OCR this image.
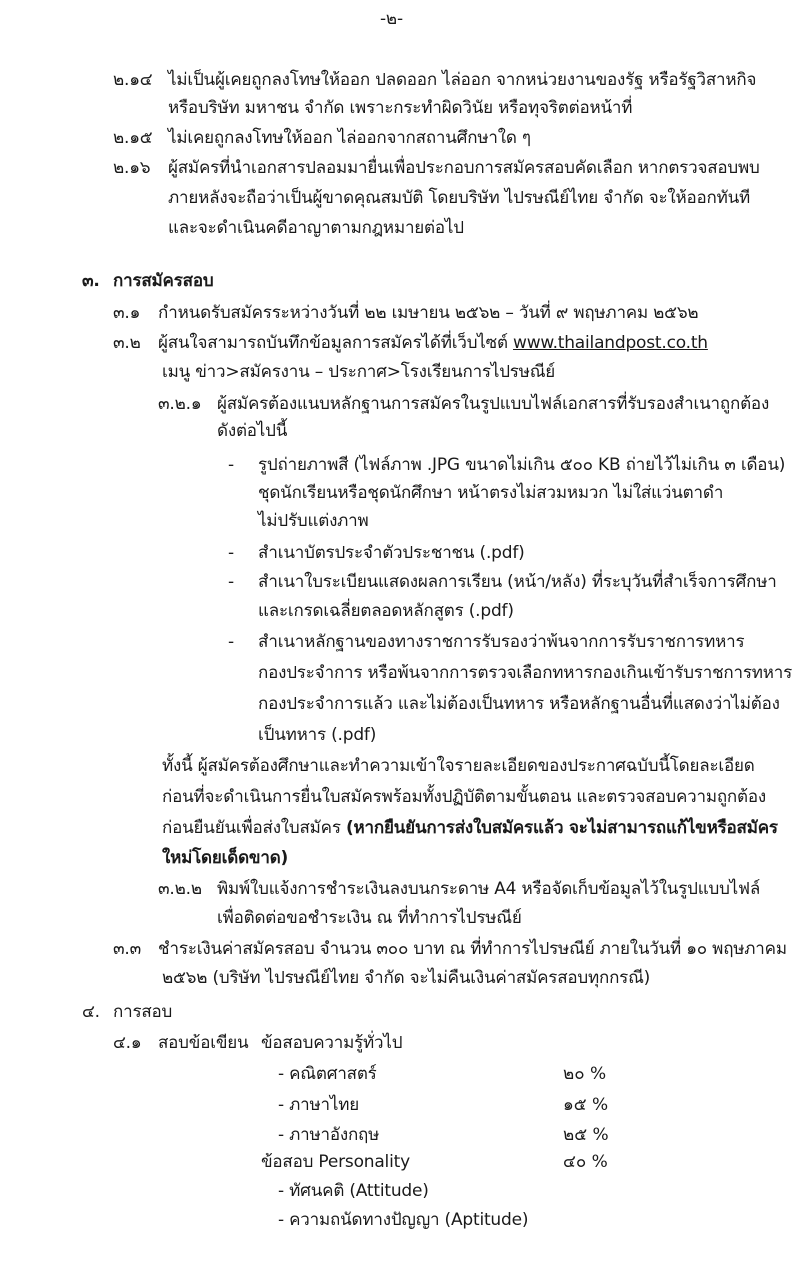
-๒-
๒.๑๔ ไม่เป็นผู้เคยถูกลงโทษให้ออก ปลดออก ไล่ออก จากหน่วยงานของรัฐ หรือรัฐวิสาหกิจ
หรือบริษัท มหาชน จำกัด เพราะกระทำผิดวินัย หรือทุจริตต่อหน้าที่
๒.๑๕ ไม่เคยถูกลงโทษให้ออก ไล่ออกจากสถานศึกษาใด ๆ
๒.๑๖ ผู้สมัครที่นำเอกสารปลอมมายื่นเพื่อประกอบการสมัครสอบคัดเลือก หากตรวจสอบพบ
ภายหลังจะถือว่าเป็นผู้ขาดคุณสมบัติ โดยบริษัท ไปรษณีย์ไทย จำกัด จะให้ออกทันที
และจะดำเนินคดีอาญาตามกฎหมายต่อไป
๓. การสมัครสอบ
๓.๑ กำหนดรับสมัครระหว่างวันที่ ๒๒ เมษายน ๒๕๖๒ – วันที่ ๙ พฤษภาคม ๒๕๖๒
๓.๒ ผู้สนใจสามารถบันทึกข้อมูลการสมัครได้ที่เว็บไซต์ www.thailandpost.co.th
เมนู ข่าว>สมัครงาน – ประกาศ>โรงเรียนการไปรษณีย์
๓.๒.๑ ผู้สมัครต้องแนบหลักฐานการสมัครในรูปแบบไฟล์เอกสารที่รับรองสำเนาถูกต้อง
ดังต่อไปนี้
- รูปถ่ายภาพสี (ไฟล์ภาพ .JPG ขนาดไม่เกิน ๕๐๐ KB ถ่ายไว้ไม่เกิน ๓ เดือน)
ชุดนักเรียนหรือชุดนักศึกษา หน้าตรงไม่สวมหมวก ไม่ใส่แว่นตาดำ
ไม่ปรับแต่งภาพ
- สำเนาบัตรประจำตัวประชาชน (.pdf)
- สำเนาใบระเบียนแสดงผลการเรียน (หน้า/หลัง) ที่ระบุวันที่สำเร็จการศึกษา
และเกรดเฉลี่ยตลอดหลักสูตร (.pdf)
- สำเนาหลักฐานของทางราชการรับรองว่าพ้นจากการรับราชการทหาร
กองประจำการ หรือพ้นจากการตรวจเลือกทหารกองเกินเข้ารับราชการทหาร
กองประจำการแล้ว และไม่ต้องเป็นทหาร หรือหลักฐานอื่นที่แสดงว่าไม่ต้อง
เป็นทหาร (.pdf)
ทั้งนี้ ผู้สมัครต้องศึกษาและทำความเข้าใจรายละเอียดของประกาศฉบับนี้โดยละเอียด
ก่อนที่จะดำเนินการยื่นใบสมัครพร้อมทั้งปฏิบัติตามขั้นตอน และตรวจสอบความถูกต้อง
ก่อนยืนยันเพื่อส่งใบสมัคร (หากยืนยันการส่งใบสมัครแล้ว จะไม่สามารถแก้ไขหรือสมัคร
ใหม่โดยเด็ดขาด)
๓.๒.๒ พิมพ์ใบแจ้งการชำระเงินลงบนกระดาษ A4 หรือจัดเก็บข้อมูลไว้ในรูปแบบไฟล์
เพื่อติดต่อขอชำระเงิน ณ ที่ทำการไปรษณีย์
๓.๓ ชำระเงินค่าสมัครสอบ จำนวน ๓๐๐ บาท ณ ที่ทำการไปรษณีย์ ภายในวันที่ ๑๐ พฤษภาคม
๒๕๖๒ (บริษัท ไปรษณีย์ไทย จำกัด จะไม่คืนเงินค่าสมัครสอบทุกกรณี)
๔. การสอบ
๔.๑ สอบข้อเขียน ข้อสอบความรู้ทั่วไป
- คณิตศาสตร์	๒๐ %
- ภาษาไทย	๑๕ %
- ภาษาอังกฤษ	๒๕ %
ข้อสอบ Personality	๔๐ %
- ทัศนคติ (Attitude)
- ความถนัดทางปัญญา (Aptitude)
